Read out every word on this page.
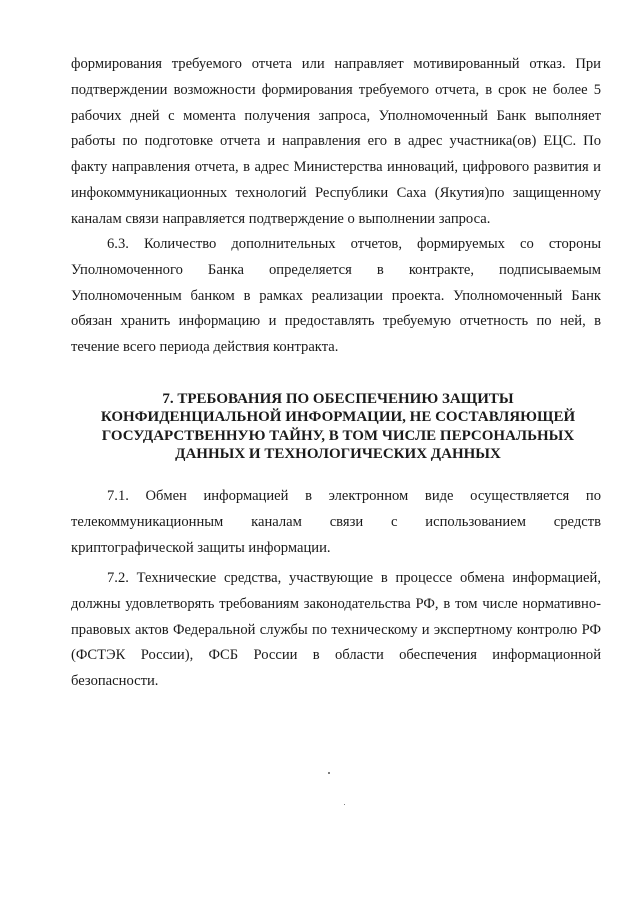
формирования требуемого отчета или направляет мотивированный отказ. При подтверждении возможности формирования требуемого отчета, в срок не более 5 рабочих дней с момента получения запроса, Уполномоченный Банк выполняет работы по подготовке отчета и направления его в адрес участника(ов) ЕЦС. По факту направления отчета, в адрес Министерства инноваций, цифрового развития и инфокоммуникационных технологий Республики Саха (Якутия)по защищенному каналам связи направляется подтверждение о выполнении запроса.

6.3. Количество дополнительных отчетов, формируемых со стороны Уполномоченного Банка определяется в контракте, подписываемым Уполномоченным банком в рамках реализации проекта. Уполномоченный Банк обязан хранить информацию и предоставлять требуемую отчетность по ней, в течение всего периода действия контракта.

7. ТРЕБОВАНИЯ ПО ОБЕСПЕЧЕНИЮ ЗАЩИТЫ КОНФИДЕНЦИАЛЬНОЙ ИНФОРМАЦИИ, НЕ СОСТАВЛЯЮЩЕЙ ГОСУДАРСТВЕННУЮ ТАЙНУ, В ТОМ ЧИСЛЕ ПЕРСОНАЛЬНЫХ ДАННЫХ И ТЕХНОЛОГИЧЕСКИХ ДАННЫХ

7.1. Обмен информацией в электронном виде осуществляется по телекоммуникационным каналам связи с использованием средств криптографической защиты информации.

7.2. Технические средства, участвующие в процессе обмена информацией, должны удовлетворять требованиям законодательства РФ, в том числе нормативно-правовых актов Федеральной службы по техническому и экспертному контролю РФ (ФСТЭК России), ФСБ России в области обеспечения информационной безопасности.
